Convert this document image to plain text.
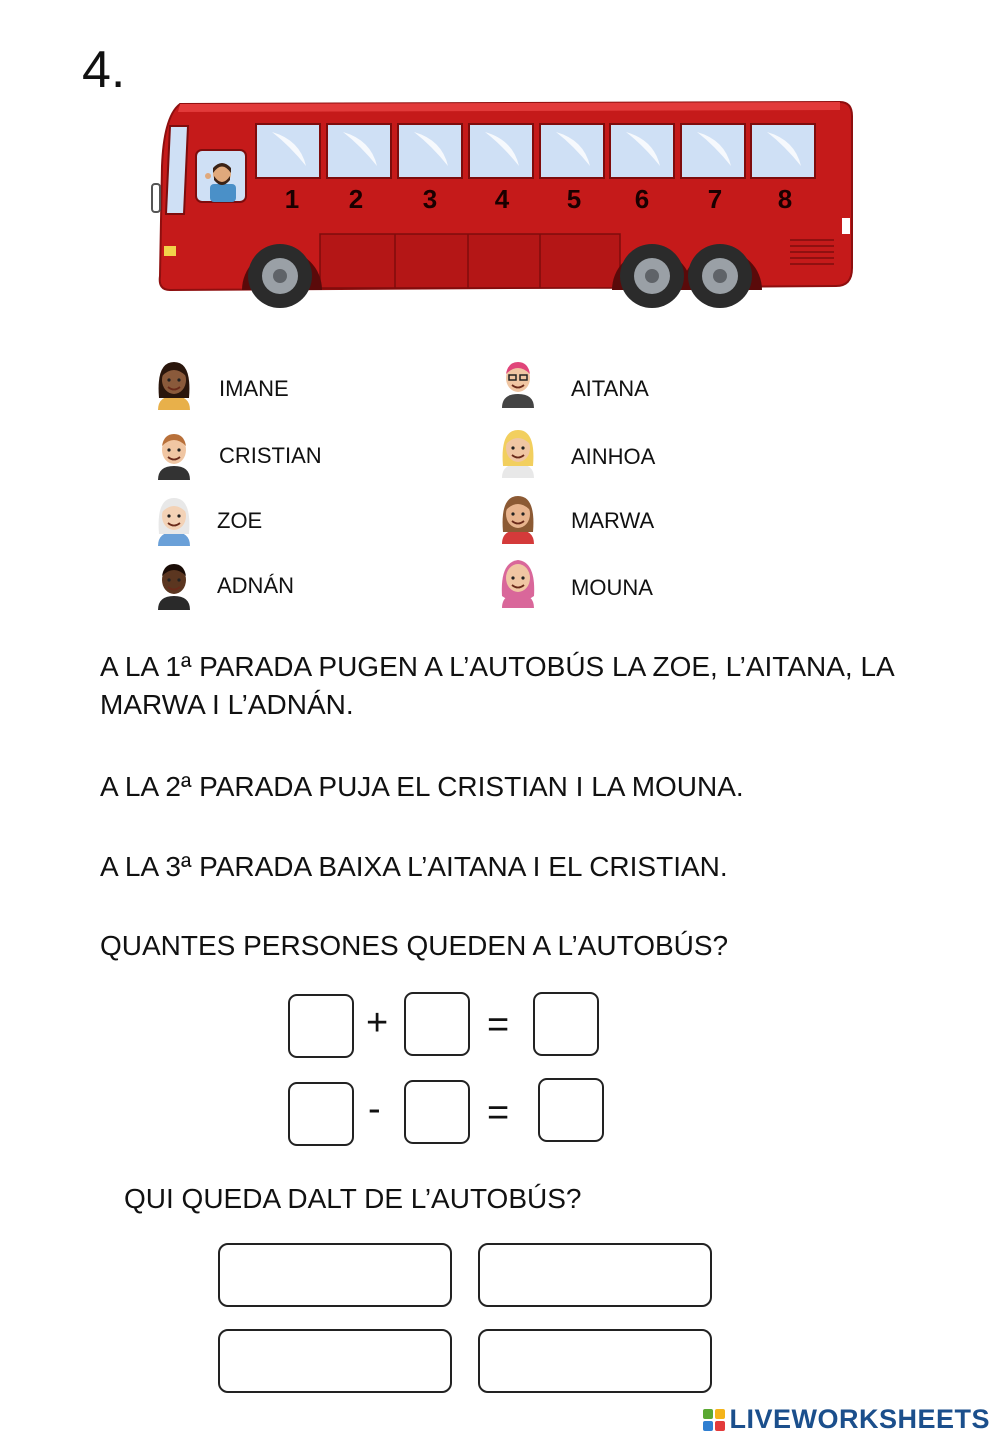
4.
1 2 3 4 5 6 7 8
IMANE	AITANA
CRISTIAN	AINHOA
ZOE	MARWA
ADNÁN	MOUNA
A LA 1ª PARADA PUGEN A L’AUTOBÚS LA ZOE, L’AITANA, LA MARWA I L’ADNÁN.
A LA 2ª PARADA PUJA EL CRISTIAN I LA MOUNA.
A LA 3ª PARADA BAIXA L’AITANA I EL CRISTIAN.
QUANTES PERSONES QUEDEN A L’AUTOBÚS?
+	=
-	=
QUI QUEDA DALT DE L’AUTOBÚS?
LIVEWORKSHEETS
